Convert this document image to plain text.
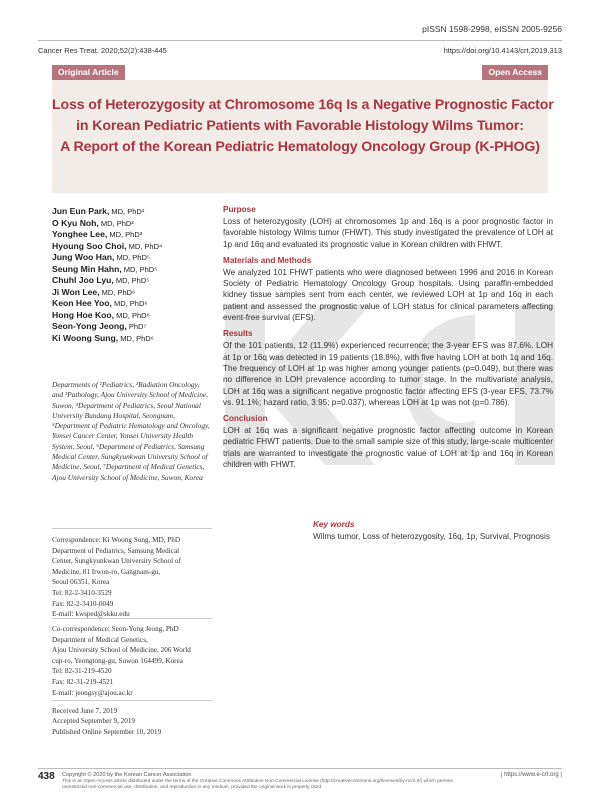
pISSN 1598-2998, eISSN 2005-9256
Cancer Res Treat. 2020;52(2):438-445	https://doi.org/10.4143/crt.2019.313
Original Article	Open Access
Loss of Heterozygosity at Chromosome 16q Is a Negative Prognostic Factor
in Korean Pediatric Patients with Favorable Histology Wilms Tumor:
A Report of the Korean Pediatric Hematology Oncology Group (K-PHOG)
Jun Eun Park, MD, PhD¹
O Kyu Noh, MD, PhD²
Yonghee Lee, MD, PhD³
Hyoung Soo Choi, MD, PhD⁴
Jung Woo Han, MD, PhD⁵
Seung Min Hahn, MD, PhD⁵
Chuhl Joo Lyu, MD, PhD⁵
Ji Won Lee, MD, PhD⁶
Keon Hee Yoo, MD, PhD⁶
Hong Hoe Koo, MD, PhD⁶
Seon-Yong Jeong, PhD⁷
Ki Woong Sung, MD, PhD⁶
Departments of ¹Pediatrics, ²Radiation Oncology, and ³Pathology, Ajou University School of Medicine, Suwon, ⁴Department of Pediatrics, Seoul National University Bundang Hospital, Seongnam, ⁵Department of Pediatric Hematology and Oncology, Yonsei Cancer Center, Yonsei University Health System, Seoul, ⁶Department of Pediatrics, Samsung Medical Center, Sungkyunkwan University School of Medicine, Seoul, ⁷Department of Medical Genetics, Ajou University School of Medicine, Suwon, Korea
Correspondence: Ki Woong Sung, MD, PhD
Department of Pediatrics, Samsung Medical
Center, Sungkyunkwan University School of
Medicine, 81 Irwon-ro, Gangnam-gu,
Seoul 06351, Korea
Tel: 82-2-3410-3529
Fax: 82-2-3410-0049
E-mail: kwsped@skku.edu
Co-correspondence: Seon-Yong Jeong, PhD
Department of Medical Genetics,
Ajou University School of Medicine, 206 World
cup-ro, Yeongtong-gu, Suwon 164499, Korea
Tel: 82-31-219-4520
Fax: 82-31-219-4521
E-mail: jeongsy@ajou.ac.kr
Received June 7, 2019
Accepted September 9, 2019
Published Online September 10, 2019
Purpose
Loss of heterozygosity (LOH) at chromosomes 1p and 16q is a poor prognostic factor in favorable histology Wilms tumor (FHWT). This study investigated the prevalence of LOH at 1p and 16q and evaluated its prognostic value in Korean children with FHWT.
Materials and Methods
We analyzed 101 FHWT patients who were diagnosed between 1996 and 2016 in Korean Society of Pediatric Hematology Oncology Group hospitals. Using paraffin-embedded kidney tissue samples sent from each center, we reviewed LOH at 1p and 16q in each patient and assessed the prognostic value of LOH status for clinical parameters affecting event-free survival (EFS).
Results
Of the 101 patients, 12 (11.9%) experienced recurrence; the 3-year EFS was 87.6%. LOH at 1p or 16q was detected in 19 patients (18.8%), with five having LOH at both 1q and 16q. The frequency of LOH at 1p was higher among younger patients (p=0.049), but there was no difference in LOH prevalence according to tumor stage. In the multivariate analysis, LOH at 16q was a significant negative prognostic factor affecting EFS (3-year EFS, 73.7% vs. 91.1%; hazard ratio, 3.95; p=0.037), whereas LOH at 1p was not (p=0.786).
Conclusion
LOH at 16q was a significant negative prognostic factor affecting outcome in Korean pediatric FHWT patients. Due to the small sample size of this study, large-scale multicenter trials are warranted to investigate the prognostic value of LOH at 1p and 16q in Korean children with FHWT.
Key words
Wilms tumor, Loss of heterozygosity, 16q, 1p, Survival, Prognosis
438 Copyright © 2020 by the Korean Cancer Association
This is an Open-Access article distributed under the terms of the Creative Commons Attribution Non-Commercial License (http://creativecommons.org/licenses/by-nc/4.0/) which permits unrestricted non-commercial use, distribution, and reproduction in any medium, provided the original work is properly cited.
| https://www.e-crt.org |
